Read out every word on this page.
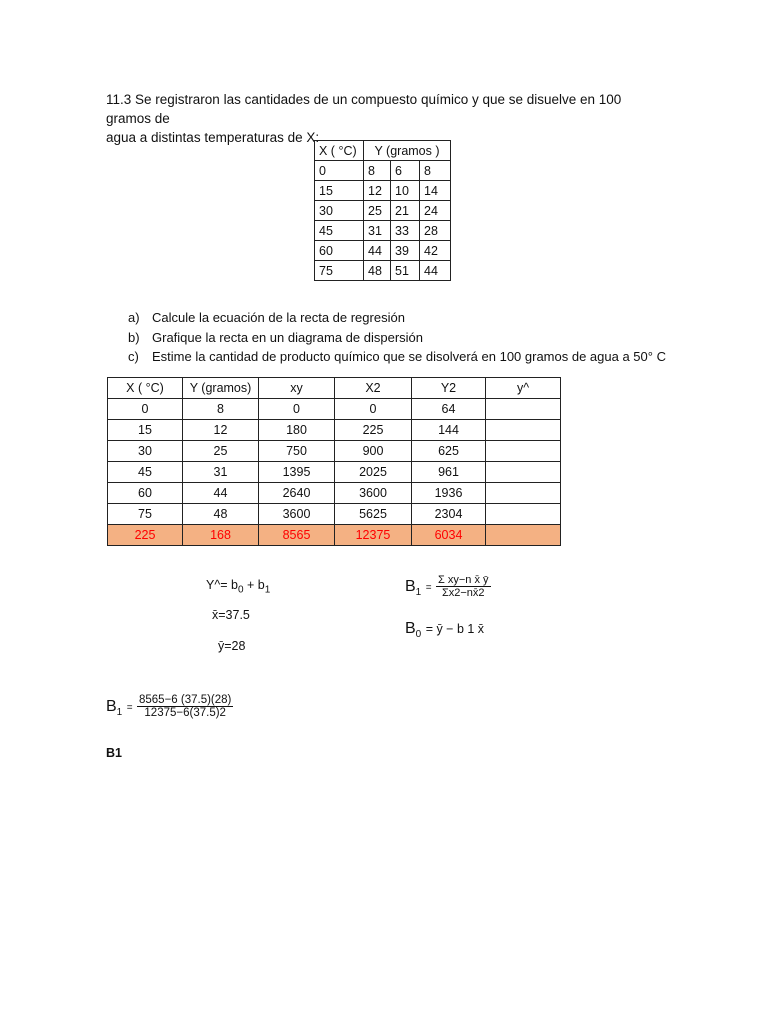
11.3 Se registraron las cantidades de un compuesto químico y que se disuelve en 100 gramos de
agua a distintas temperaturas de X:
X ( °C)	Y (gramos )		
0	8	6	8
15	12	10	14
30	25	21	24
45	31	33	28
60	44	39	42
75	48	51	44
a) Calcule la ecuación de la recta de regresión
b) Grafique la recta en un diagrama de dispersión
c) Estime la cantidad de producto químico que se disolverá en 100 gramos de agua a 50° C
X ( °C)	Y (gramos)	xy	X2	Y2	y^
0	8	0	0	64	
15	12	180	225	144	
30	25	750	900	625	
45	31	1395	2025	961	
60	44	2640	3600	1936	
75	48	3600	5625	2304	
225	168	8565	12375	6034	
Y^= $b_0 + b_1$
x̄=37.5
ȳ=28
$B_1 = \frac{\text{Σ xy−n x̄ ȳ}}{\Sigma x2-nx̄2}$
$B_0$ = ȳ − b 1 x̄
$B_1 = \frac{8565-6 (37.5)(28)}{12375-6(37.5)2}$
B1
